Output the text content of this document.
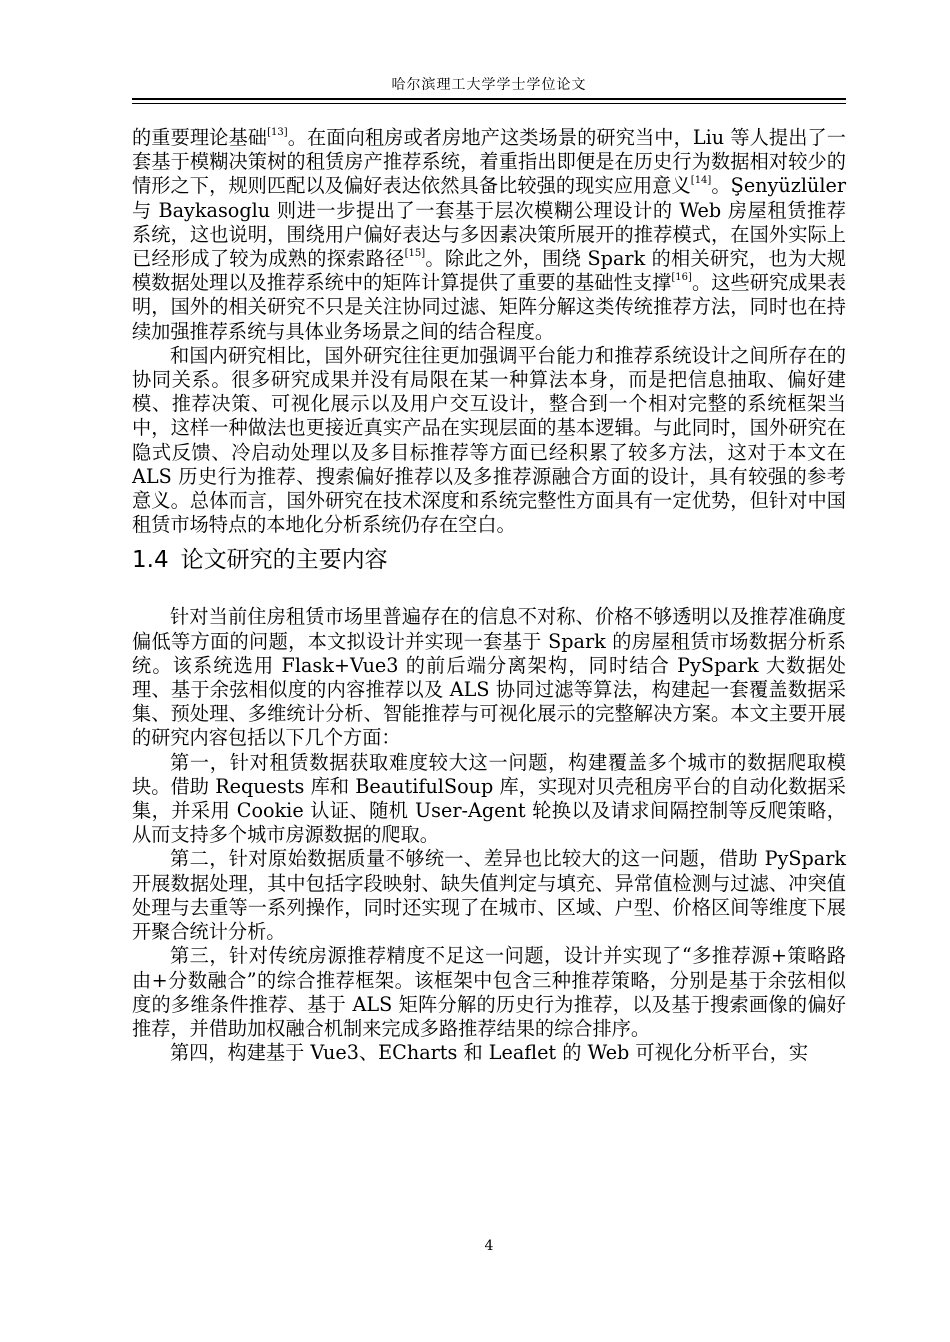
哈尔滨理工大学学士学位论文

的重要理论基础[13]。在面向租房或者房地产这类场景的研究当中，Liu 等人提出了一套基于模糊决策树的租赁房产推荐系统，着重指出即便是在历史行为数据相对较少的情形之下，规则匹配以及偏好表达依然具备比较强的现实应用意义[14]。Şenyüzlüler 与 Baykasoglu 则进一步提出了一套基于层次模糊公理设计的 Web 房屋租赁推荐系统，这也说明，围绕用户偏好表达与多因素决策所展开的推荐模式，在国外实际上已经形成了较为成熟的探索路径[15]。除此之外，围绕 Spark 的相关研究，也为大规模数据处理以及推荐系统中的矩阵计算提供了重要的基础性支撑[16]。这些研究成果表明，国外的相关研究不只是关注协同过滤、矩阵分解这类传统推荐方法，同时也在持续加强推荐系统与具体业务场景之间的结合程度。

和国内研究相比，国外研究往往更加强调平台能力和推荐系统设计之间所存在的协同关系。很多研究成果并没有局限在某一种算法本身，而是把信息抽取、偏好建模、推荐决策、可视化展示以及用户交互设计，整合到一个相对完整的系统框架当中，这样一种做法也更接近真实产品在实现层面的基本逻辑。与此同时，国外研究在隐式反馈、冷启动处理以及多目标推荐等方面已经积累了较多方法，这对于本文在 ALS 历史行为推荐、搜索偏好推荐以及多推荐源融合方面的设计，具有较强的参考意义。总体而言，国外研究在技术深度和系统完整性方面具有一定优势，但针对中国租赁市场特点的本地化分析系统仍存在空白。

1.4 论文研究的主要内容

针对当前住房租赁市场里普遍存在的信息不对称、价格不够透明以及推荐准确度偏低等方面的问题，本文拟设计并实现一套基于 Spark 的房屋租赁市场数据分析系统。该系统选用 Flask+Vue3 的前后端分离架构，同时结合 PySpark 大数据处理、基于余弦相似度的内容推荐以及 ALS 协同过滤等算法，构建起一套覆盖数据采集、预处理、多维统计分析、智能推荐与可视化展示的完整解决方案。本文主要开展的研究内容包括以下几个方面：

第一，针对租赁数据获取难度较大这一问题，构建覆盖多个城市的数据爬取模块。借助 Requests 库和 BeautifulSoup 库，实现对贝壳租房平台的自动化数据采集，并采用 Cookie 认证、随机 User-Agent 轮换以及请求间隔控制等反爬策略，从而支持多个城市房源数据的爬取。

第二，针对原始数据质量不够统一、差异也比较大的这一问题，借助 PySpark 开展数据处理，其中包括字段映射、缺失值判定与填充、异常值检测与过滤、冲突值处理与去重等一系列操作，同时还实现了在城市、区域、户型、价格区间等维度下展开聚合统计分析。

第三，针对传统房源推荐精度不足这一问题，设计并实现了“多推荐源+策略路由+分数融合”的综合推荐框架。该框架中包含三种推荐策略，分别是基于余弦相似度的多维条件推荐、基于 ALS 矩阵分解的历史行为推荐，以及基于搜索画像的偏好推荐，并借助加权融合机制来完成多路推荐结果的综合排序。

第四，构建基于 Vue3、ECharts 和 Leaflet 的 Web 可视化分析平台，实

4
